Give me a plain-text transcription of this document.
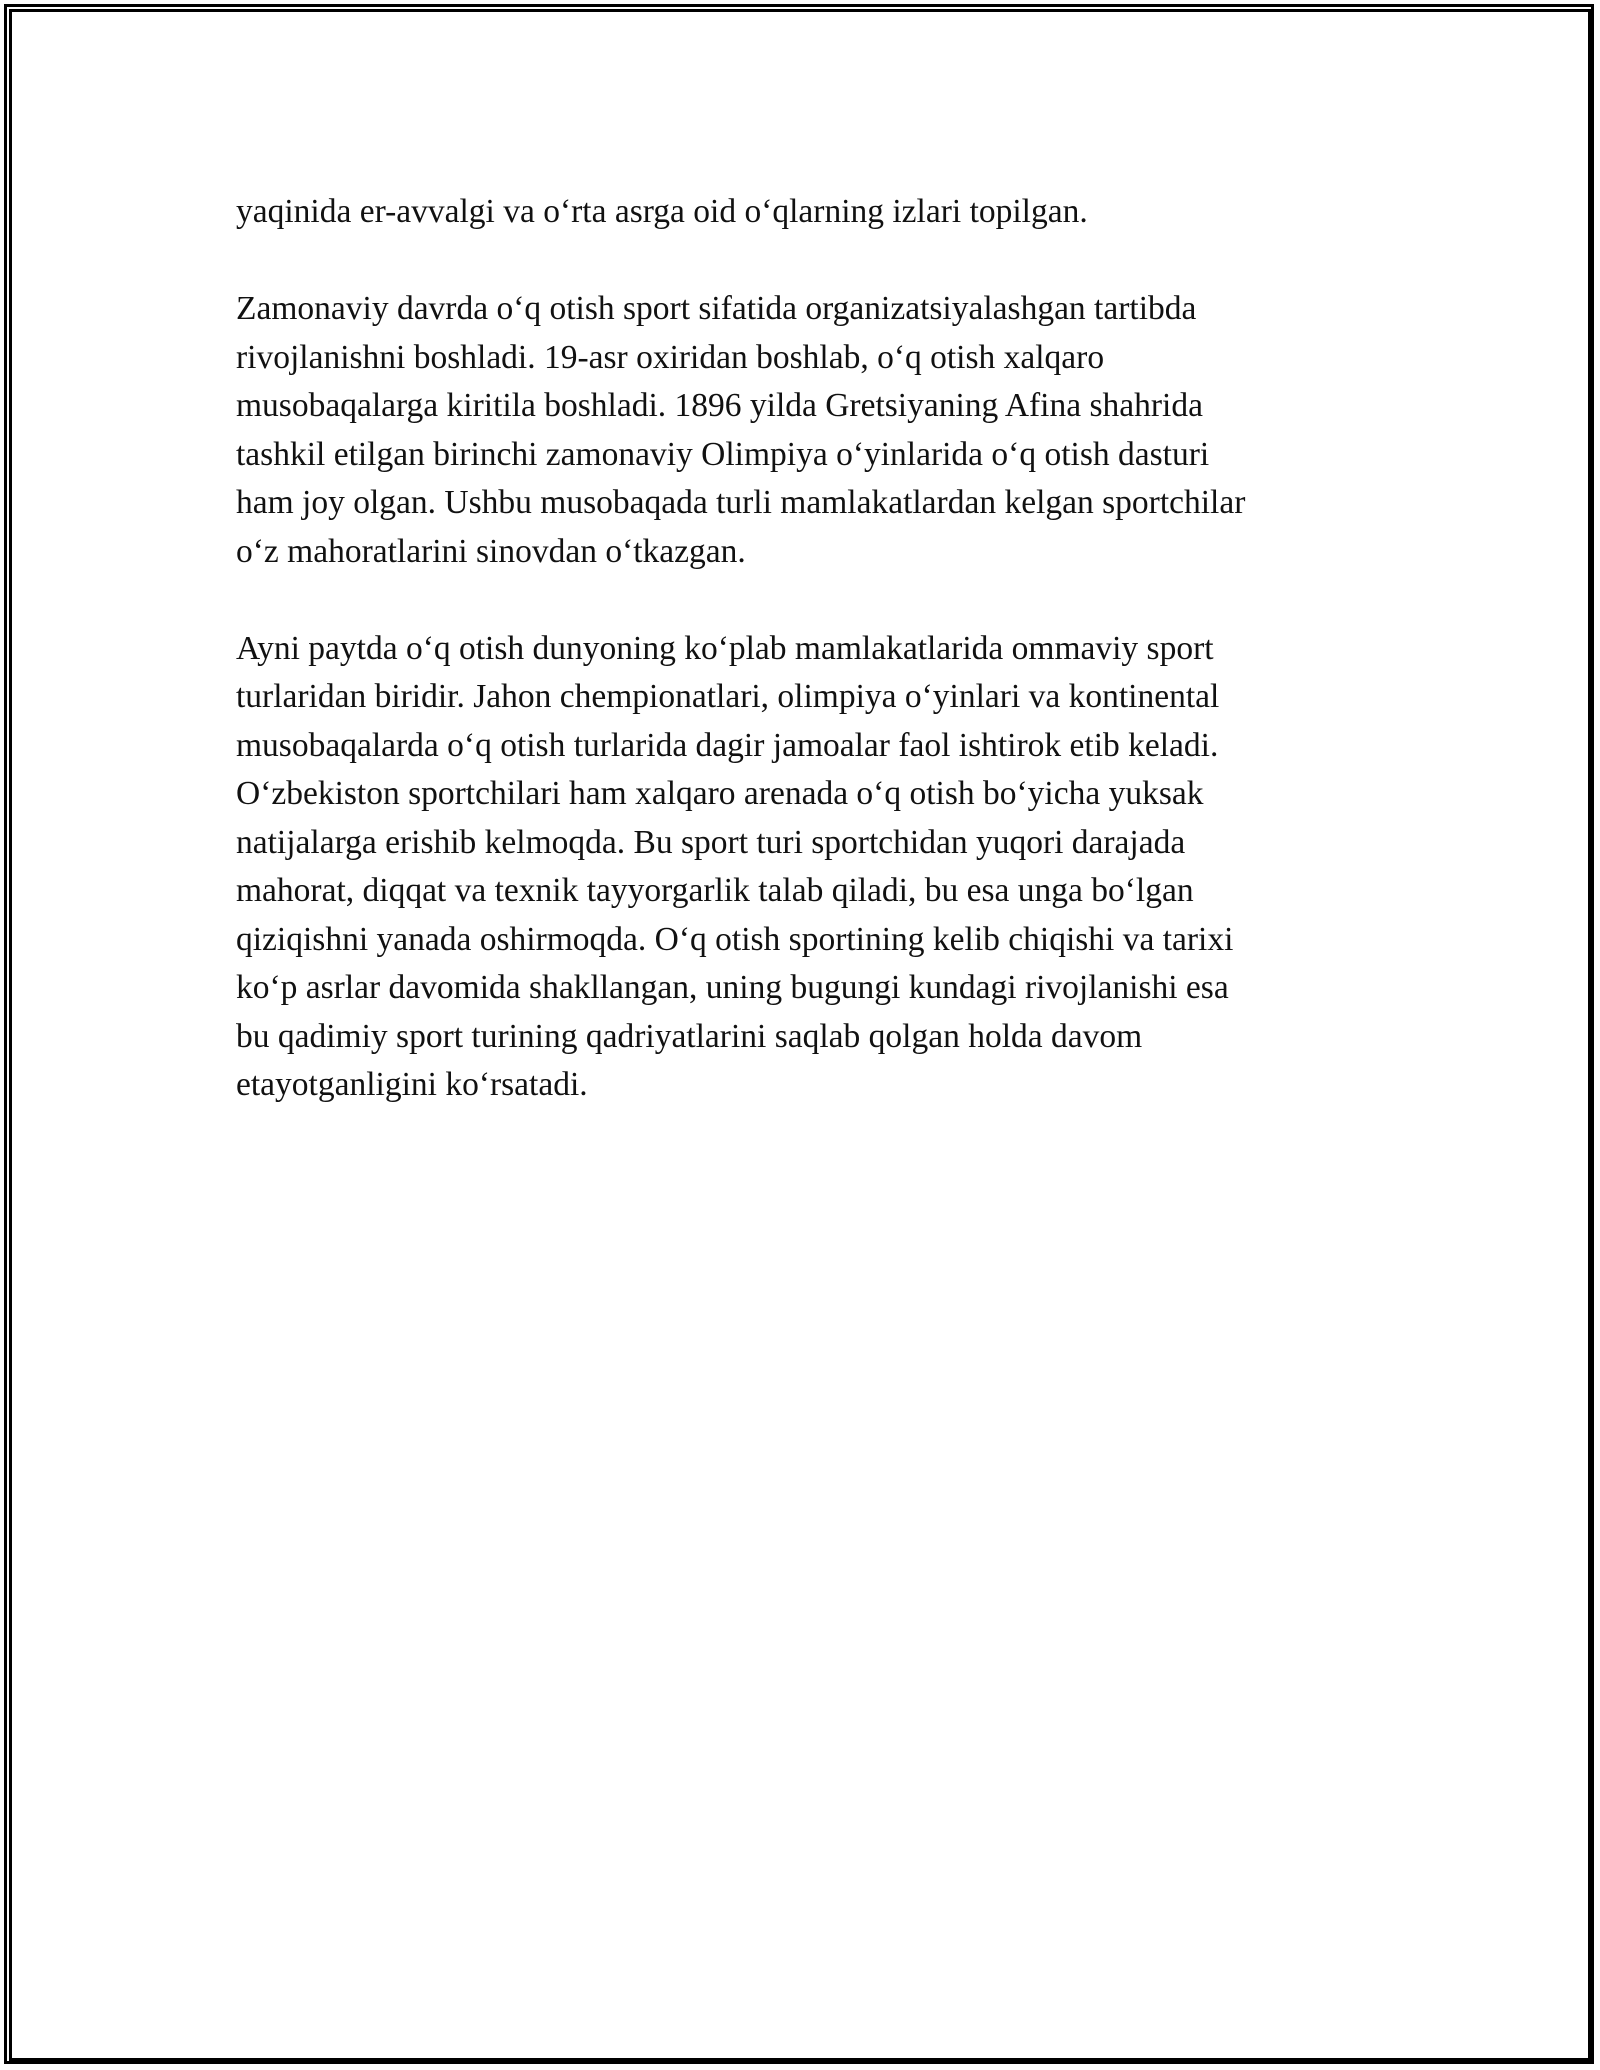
yaqinida er-avvalgi va o‘rta asrga oid o‘qlarning izlari topilgan.

Zamonaviy davrda o‘q otish sport sifatida organizatsiyalashgan tartibda
rivojlanishni boshladi. 19-asr oxiridan boshlab, o‘q otish xalqaro
musobaqalarga kiritila boshladi. 1896 yilda Gretsiyaning Afina shahrida
tashkil etilgan birinchi zamonaviy Olimpiya o‘yinlarida o‘q otish dasturi
ham joy olgan. Ushbu musobaqada turli mamlakatlardan kelgan sportchilar
o‘z mahoratlarini sinovdan o‘tkazgan.

Ayni paytda o‘q otish dunyoning ko‘plab mamlakatlarida ommaviy sport
turlaridan biridir. Jahon chempionatlari, olimpiya o‘yinlari va kontinental
musobaqalarda o‘q otish turlarida dagir jamoalar faol ishtirok etib keladi.
O‘zbekiston sportchilari ham xalqaro arenada o‘q otish bo‘yicha yuksak
natijalarga erishib kelmoqda. Bu sport turi sportchidan yuqori darajada
mahorat, diqqat va texnik tayyorgarlik talab qiladi, bu esa unga bo‘lgan
qiziqishni yanada oshirmoqda. O‘q otish sportining kelib chiqishi va tarixi
ko‘p asrlar davomida shakllangan, uning bugungi kundagi rivojlanishi esa
bu qadimiy sport turining qadriyatlarini saqlab qolgan holda davom
etayotganligini ko‘rsatadi.
